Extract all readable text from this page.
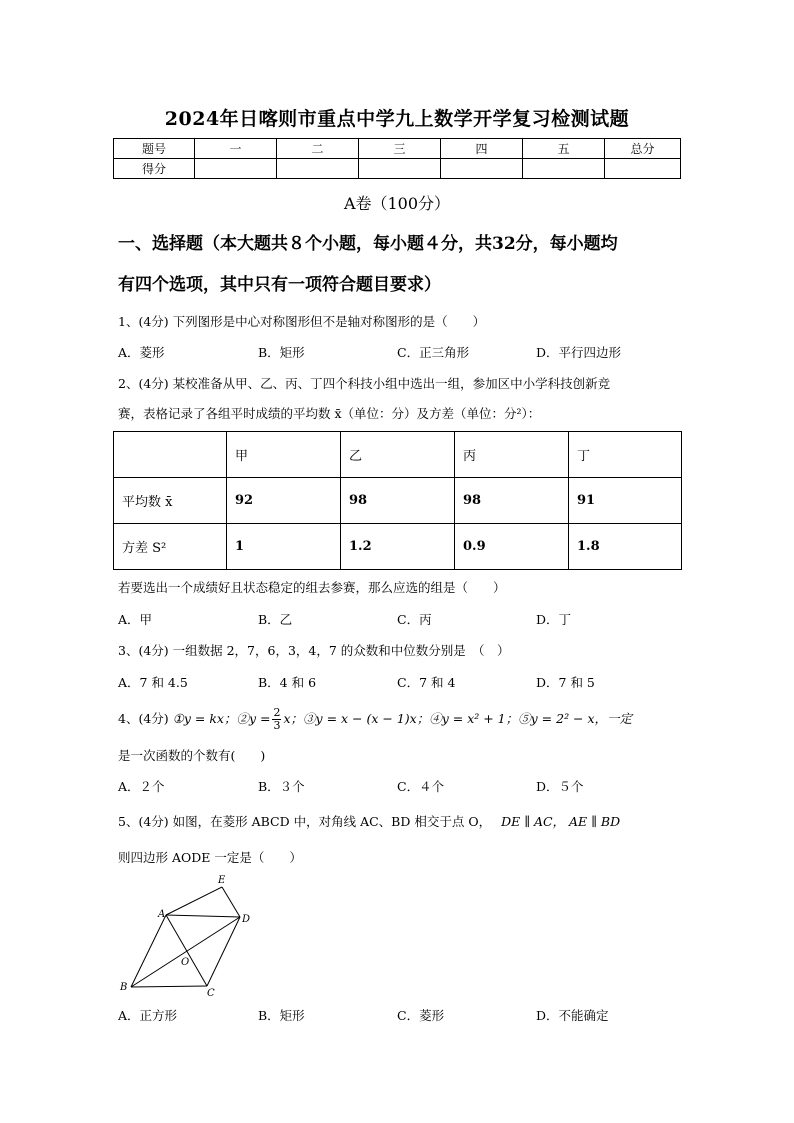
2024年日喀则市重点中学九上数学开学复习检测试题
题号	一	二	三	四	五	总分
得分						
A卷（100分）
一、选择题（本大题共８个小题，每小题４分，共32分，每小题均
有四个选项，其中只有一项符合题目要求）
1、(4分) 下列图形是中心对称图形但不是轴对称图形的是（　　）
A．菱形	B．矩形	C．正三角形	D．平行四边形
2、(4分) 某校准备从甲、乙、丙、丁四个科技小组中选出一组，参加区中小学科技创新竞
赛，表格记录了各组平时成绩的平均数 x̄（单位：分）及方差（单位：分²）：
	甲	乙	丙	丁
平均数 x̄	92	98	98	91
方差 S²	1	1.2	0.9	1.8
若要选出一个成绩好且状态稳定的组去参赛，那么应选的组是（　　）
A．甲	B．乙	C．丙	D．丁
3、(4分) 一组数据 2，7，6，3，4，7 的众数和中位数分别是　（　）
A．7 和 4.5	B．4 和 6	C．7 和 4	D．7 和 5
4、(4分) ①y = kx；②y = $\frac{2}{3}$ x；③y = x − (x − 1)x；④y = x² + 1；⑤y = 2² − x，一定
是一次函数的个数有(　　)
A．２个	B．３个	C．４个	D．５个
5、(4分) 如图，在菱形 ABCD 中，对角线 AC、BD 相交于点 O， DE ∥ AC， AE ∥ BD
则四边形 AODE 一定是（　　）
A
B
C
D
E
O
A．正方形	B．矩形	C．菱形	D．不能确定
